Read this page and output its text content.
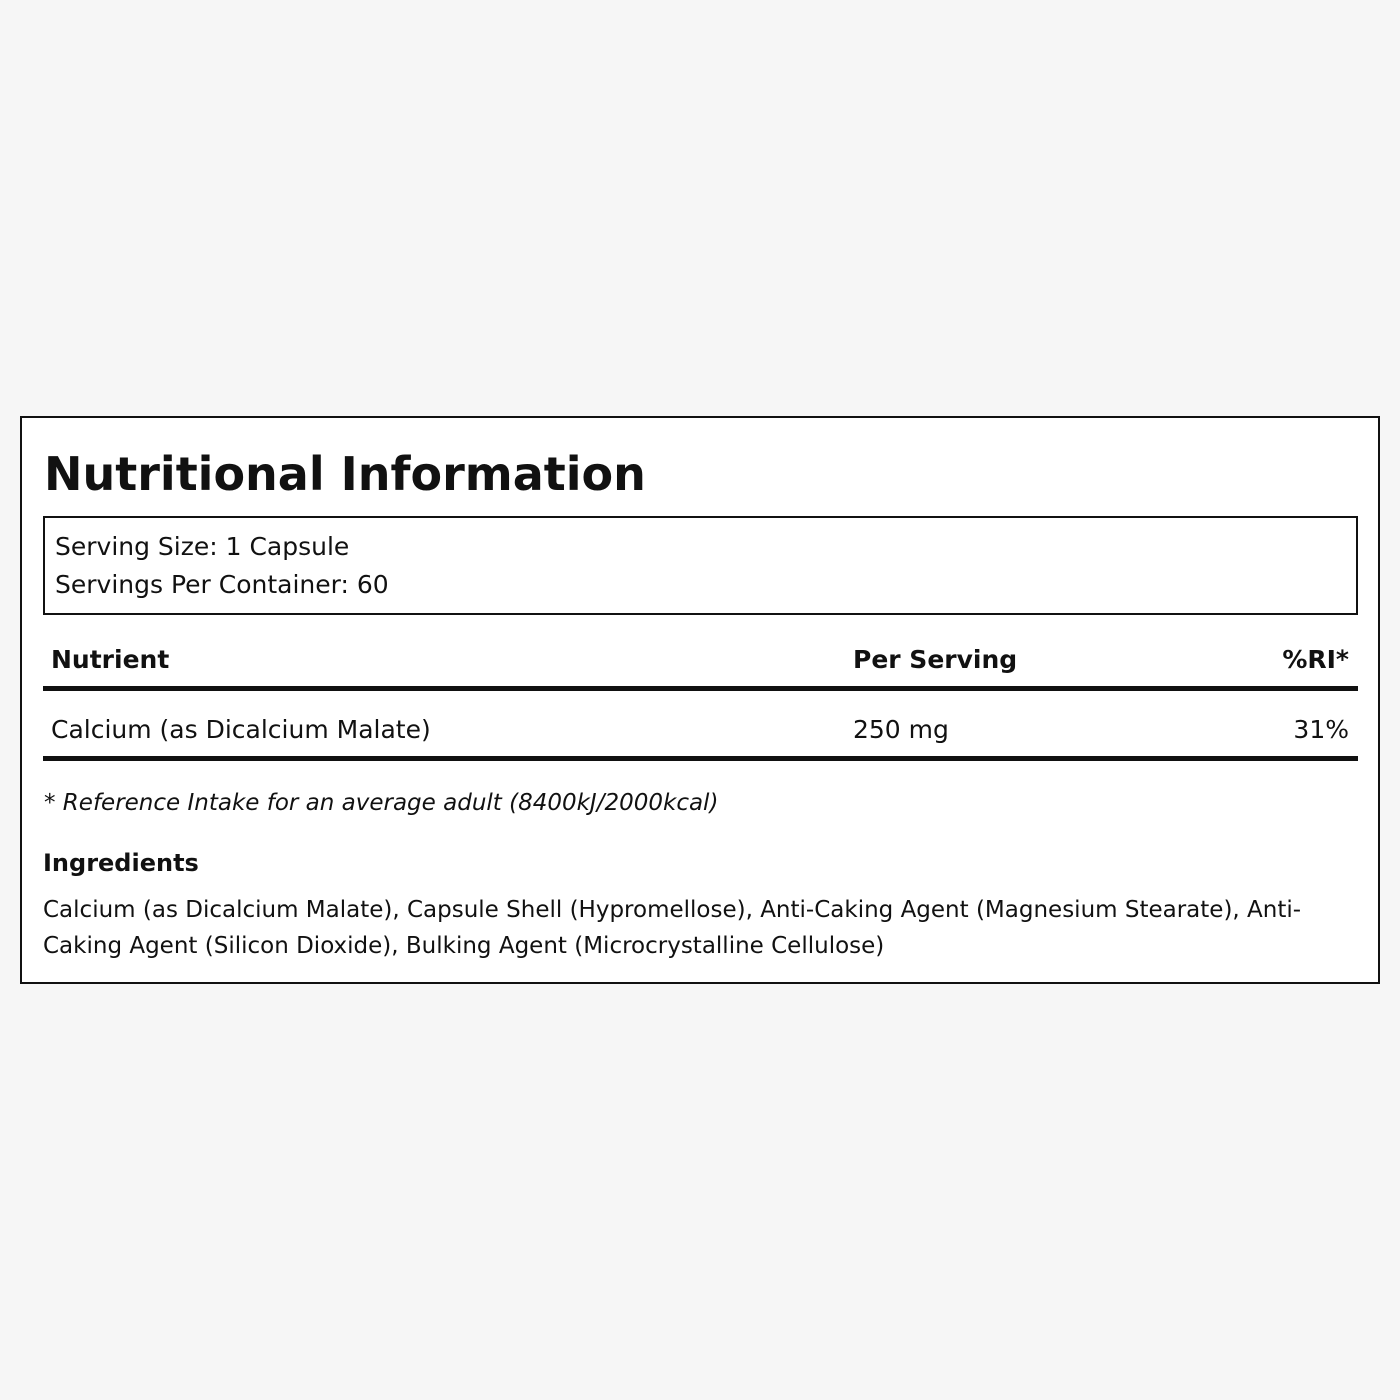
Nutritional Information
Serving Size: 1 Capsule
Servings Per Container: 60
Nutrient	Per Serving	%RI*
Calcium (as Dicalcium Malate)	250 mg	31%
* Reference Intake for an average adult (8400kJ/2000kcal)
Ingredients
Calcium (as Dicalcium Malate), Capsule Shell (Hypromellose), Anti-Caking Agent (Magnesium Stearate), Anti-Caking Agent (Silicon Dioxide), Bulking Agent (Microcrystalline Cellulose)
